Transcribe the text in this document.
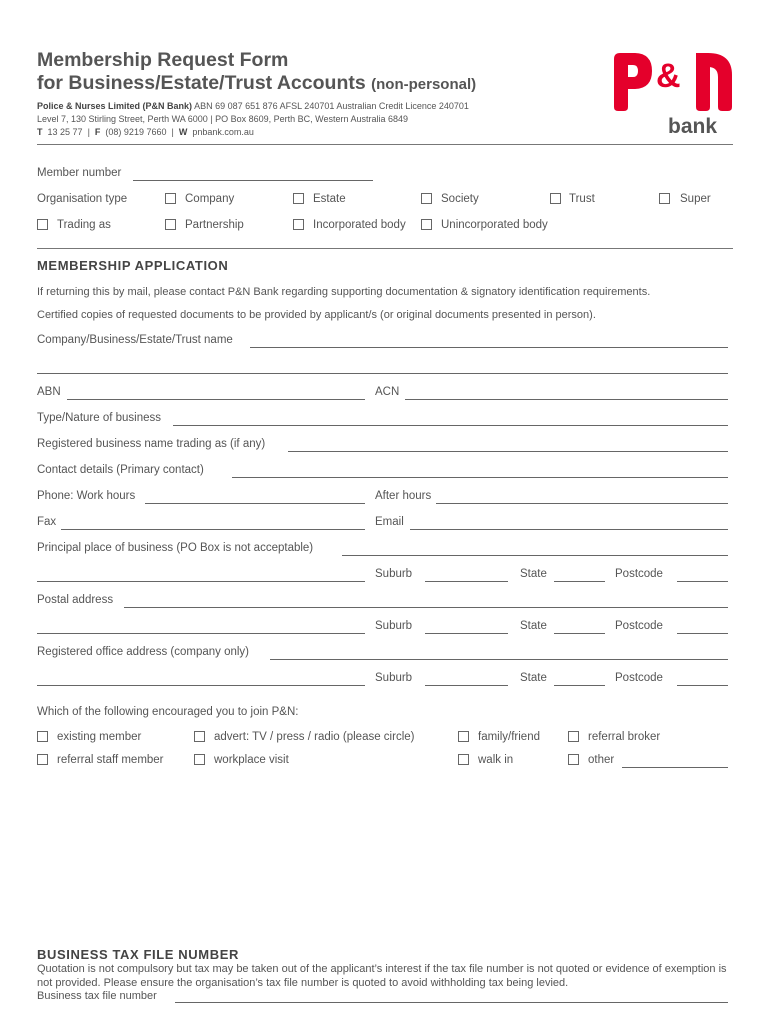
Membership Request Form
for Business/Estate/Trust Accounts (non-personal)
Police & Nurses Limited (P&N Bank) ABN 69 087 651 876 AFSL 240701 Australian Credit Licence 240701
Level 7, 130 Stirling Street, Perth WA 6000 | PO Box 8609, Perth BC, Western Australia 6849
T 13 25 77  |  F (08) 9219 7660  |  W pnbank.com.au
&
bank
Member number
Organisation type	Company	Estate	Society	Trust	Super
Trading as	Partnership	Incorporated body	Unincorporated body
MEMBERSHIP APPLICATION
If returning this by mail, please contact P&N Bank regarding supporting documentation & signatory identification requirements.
Certified copies of requested documents to be provided by applicant/s (or original documents presented in person).
Company/Business/Estate/Trust name
ABN	ACN
Type/Nature of business
Registered business name trading as (if any)
Contact details (Primary contact)
Phone: Work hours	After hours
Fax	Email
Principal place of business (PO Box is not acceptable)
Suburb	State	Postcode
Postal address
Suburb	State	Postcode
Registered office address (company only)
Suburb	State	Postcode
Which of the following encouraged you to join P&N:
existing member	advert: TV / press / radio (please circle)	family/friend	referral broker
referral staff member	workplace visit	walk in	other
BUSINESS TAX FILE NUMBER
Quotation is not compulsory but tax may be taken out of the applicant’s interest if the tax file number is not quoted or evidence of exemption is not provided. Please ensure the organisation’s tax file number is quoted to avoid withholding tax being levied.
Business tax file number
